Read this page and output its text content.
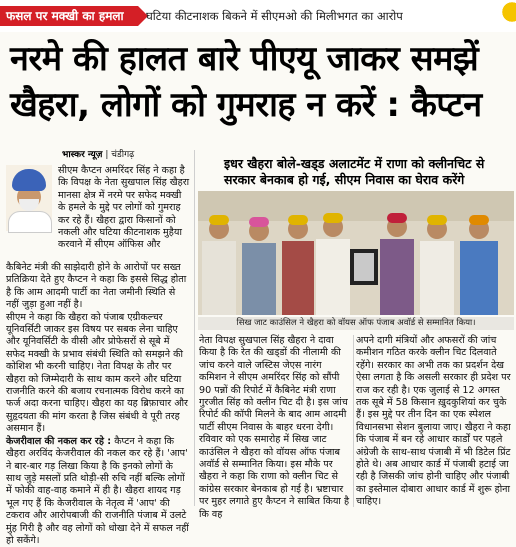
फसल पर मक्खी का हमला	घटिया कीटनाशक बिकने में सीएमओ की मिलीभगत का आरोप
नरमे की हालत बारे पीएयू जाकर समझें
खैहरा, लोगों को गुमराह न करें : कैप्टन
भास्कर न्यूज़ | चंडीगढ़

सीएम कैप्टन अमरिंदर सिंह ने कहा है कि विपक्ष के नेता सुखपाल सिंह खैहरा मानसा क्षेत्र में नरमे पर सफेद मक्खी के हमले के मुद्दे पर लोगों को गुमराह कर रहे हैं। खैहरा द्वारा किसानों को नकली और घटिया कीटनाशक मुहैया करवाने में सीएम ऑफिस और

कैबिनेट मंत्री की साझेदारी होने के आरोपों पर सख्त प्रतिक्रिया देते हुए कैप्टन ने कहा कि इससे सिद्ध होता है कि आम आदमी पार्टी का नेता जमीनी स्थिति से नहीं जुड़ा हुआ नहीं है।

सीएम ने कहा कि खैहरा को पंजाब एग्रीकल्चर यूनिवर्सिटी जाकर इस विषय पर सबक लेना चाहिए और यूनिवर्सिटी के वीसी और प्रोफेसरों से सूबे में सफेद मक्खी के प्रभाव संबंधी स्थिति को समझने की कोशिश भी करनी चाहिए। नेता विपक्ष के तौर पर खैहरा को जिम्मेदारी के साथ काम करने और घटिया राजनीति करने की बजाय रचनात्मक विरोध करने का फर्ज अदा करना चाहिए। खैहरा का यह ब्रिफ़ाचार और सुहृदयता की मांग करता है जिस संबंधी वे पूरी तरह असमान हैं।

केजरीवाल की नकल कर रहे : कैप्टन ने कहा कि खैहरा अरविंद केजरीवाल की नकल कर रहे हैं। 'आप' ने बार-बार गड़ लिखा किया है कि इनको लोगों के साथ जुड़े मसलों प्रति थोड़ी-सी रुचि नहीं बल्कि लोगों में फोकी वाह-वाह कमाने में ही है। खैहरा शायद गड़ भूल गए हैं कि केजरीवाल के नेतृत्व में 'आप' की टकराव और आरोपबाजी की राजनीति पंजाब में उलटे मुंह गिरी है और वह लोगों को धोखा देने में सफल नहीं हो सकेंगे।

इधर खैहरा बोले-खड्‌ड अलाटमेंट में राणा को क्लीनचिट से सरकार बेनकाब हो गई, सीएम निवास का घेराव करेंगे
सिख जाट काउंसिल ने खैहरा को वॉयस ऑफ पंजाब अवॉर्ड से सम्मानित किया।

नेता विपक्ष सुखपाल सिंह खैहरा ने दावा किया है कि रेत की खड्‌डों की नीलामी की जांच करने वाले जस्टिस जेएस नारंग कमिशन ने सीएम अमरिंदर सिंह को सौंपी 90 पन्नों की रिपोर्ट में कैबिनेट मंत्री राणा गुरजीत सिंह को क्लीन चिट दी है। इस जांच रिपोर्ट की कॉपी मिलने के बाद आम आदमी पार्टी सीएम निवास के बाहर धरना देगी।

रविवार को एक समारोह में सिख जाट काउंसिल ने खैहरा को वॉयस ऑफ पंजाब अवॉर्ड से सम्मानित किया। इस मौके पर खैहरा ने कहा कि राणा को क्लीन चिट से कांग्रेस सरकार बेनकाब हो गई है। भ्रष्टाचार पर मुहर लगाते हुए कैप्टन ने साबित किया है कि वह

अपने दागी मंत्रियों और अफसरों की जांच कमीशन गठित करके क्लीन चिट दिलवाते रहेंगे। सरकार का अभी तक का प्रदर्शन देख ऐसा लगता है कि असली सरकार ही प्रदेश पर राज कर रही है। एक जुलाई से 12 अगस्त तक सूबे में 58 किसान ख़ुदकुशियां कर चुके हैं। इस मुद्दे पर तीन दिन का एक स्पेशल विधानसभा सेशन बुलाया जाए। खैहरा ने कहा कि पंजाब में बन रहे आधार कार्डों पर पहले अंग्रेजी के साथ-साथ पंजाबी में भी डिटेल प्रिंट होते थे। अब आधार कार्ड में पंजाबी हटाई जा रही है जिसकी जांच होनी चाहिए और पंजाबी का इस्तेमाल दोबारा आधार कार्ड में शुरू होना चाहिए।
